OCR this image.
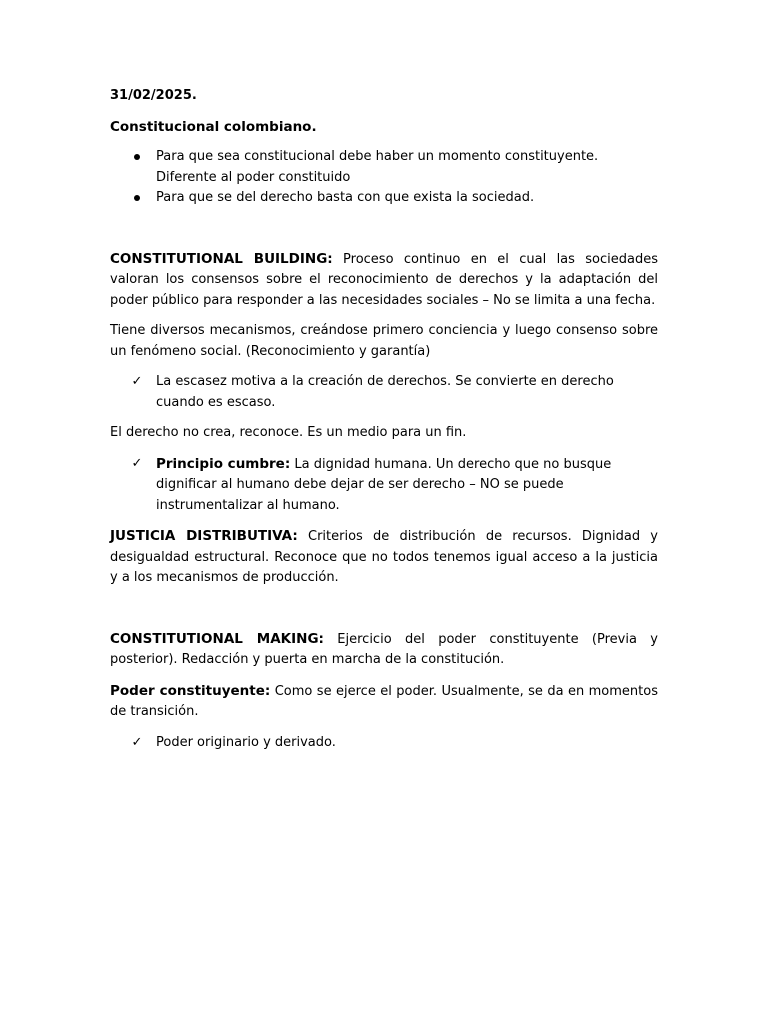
31/02/2025.

Constitucional colombiano.

Para que sea constitucional debe haber un momento constituyente. Diferente al poder constituido
Para que se del derecho basta con que exista la sociedad.

CONSTITUTIONAL BUILDING: Proceso continuo en el cual las sociedades valoran los consensos sobre el reconocimiento de derechos y la adaptación del poder público para responder a las necesidades sociales – No se limita a una fecha.

Tiene diversos mecanismos, creándose primero conciencia y luego consenso sobre un fenómeno social. (Reconocimiento y garantía)

✓ La escasez motiva a la creación de derechos. Se convierte en derecho cuando es escaso.

El derecho no crea, reconoce. Es un medio para un fin.

✓ Principio cumbre: La dignidad humana. Un derecho que no busque dignificar al humano debe dejar de ser derecho – NO se puede instrumentalizar al humano.

JUSTICIA DISTRIBUTIVA: Criterios de distribución de recursos. Dignidad y desigualdad estructural. Reconoce que no todos tenemos igual acceso a la justicia y a los mecanismos de producción.

CONSTITUTIONAL MAKING: Ejercicio del poder constituyente (Previa y posterior). Redacción y puerta en marcha de la constitución.

Poder constituyente: Como se ejerce el poder. Usualmente, se da en momentos de transición.

✓ Poder originario y derivado.
